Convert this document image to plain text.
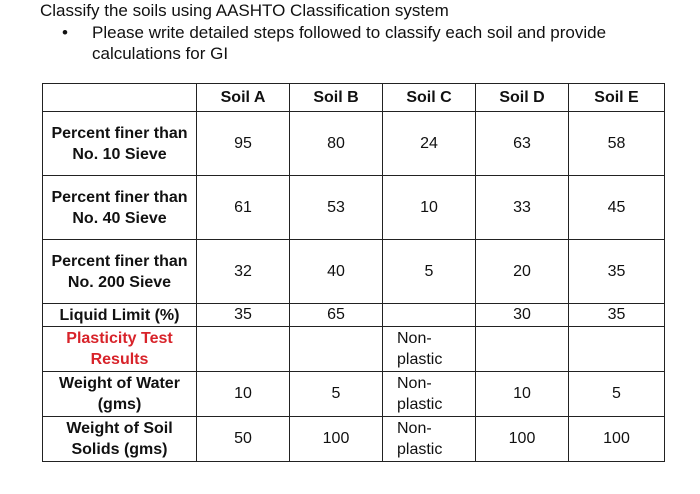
Classify the soils using AASHTO Classification system
• Please write detailed steps followed to classify each soil and provide calculations for GI
	Soil A	Soil B	Soil C	Soil D	Soil E
Percent finer than No. 10 Sieve	95	80	24	63	58
Percent finer than No. 40 Sieve	61	53	10	33	45
Percent finer than No. 200 Sieve	32	40	5	20	35
Liquid Limit (%)	35	65		30	35
Plasticity Test Results			Non-plastic		
Weight of Water (gms)	10	5	Non-plastic	10	5
Weight of Soil Solids (gms)	50	100	Non-plastic	100	100
